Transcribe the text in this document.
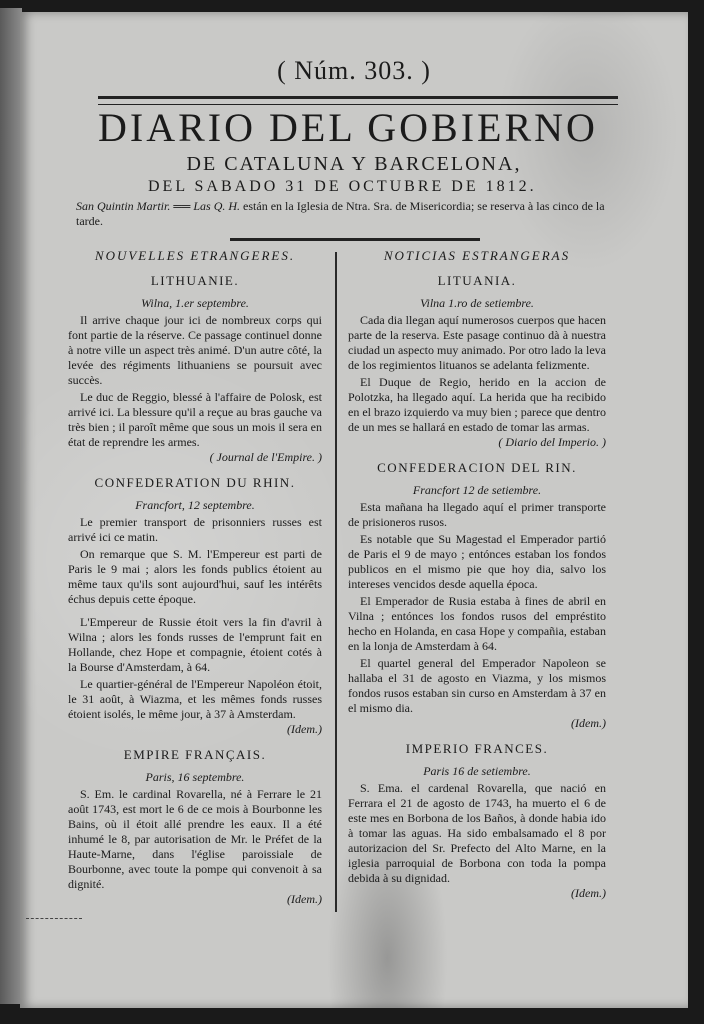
( Núm. 303. )
DIARIO DEL GOBIERNO
DE CATALUNA Y BARCELONA,
DEL SABADO 31 DE OCTUBRE DE 1812.
San Quintin Martir. ══ Las Q. H. están en la Iglesia de Ntra. Sra. de Misericordia; se reserva à las cinco de la tarde.
NOUVELLES ETRANGERES.
LITHUANIE.
Wilna, 1.er septembre.

Il arrive chaque jour ici de nombreux corps qui font partie de la réserve. Ce passage continuel donne à notre ville un aspect très animé. D'un autre côté, la levée des régiments lithuaniens se poursuit avec succès.

Le duc de Reggio, blessé à l'affaire de Polosk, est arrivé ici. La blessure qu'il a reçue au bras gauche va très bien ; il paroît même que sous un mois il sera en état de reprendre les armes.

( Journal de l'Empire. )

CONFEDERATION DU RHIN.
Francfort, 12 septembre.

Le premier transport de prisonniers russes est arrivé ici ce matin.

On remarque que S. M. l'Empereur est parti de Paris le 9 mai ; alors les fonds publics étoient au même taux qu'ils sont aujourd'hui, sauf les intérêts échus depuis cette époque.

L'Empereur de Russie étoit vers la fin d'avril à Wilna ; alors les fonds russes de l'emprunt fait en Hollande, chez Hope et compagnie, étoient cotés à la Bourse d'Amsterdam, à 64.

Le quartier-général de l'Empereur Napoléon étoit, le 31 août, à Wiazma, et les mêmes fonds russes étoient isolés, le même jour, à 37 à Amsterdam.

(Idem.)

EMPIRE FRANÇAIS.
Paris, 16 septembre.

S. Em. le cardinal Rovarella, né à Ferrare le 21 août 1743, est mort le 6 de ce mois à Bourbonne les Bains, où il étoit allé prendre les eaux. Il a été inhumé le 8, par autorisation de Mr. le Préfet de la Haute-Marne, dans l'église paroissiale de Bourbonne, avec toute la pompe qui convenoit à sa dignité.

(Idem.)

NOTICIAS ESTRANGERAS
LITUANIA.
Vilna 1.ro de setiembre.

Cada dia llegan aquí numerosos cuerpos que hacen parte de la reserva. Este pasage continuo dà à nuestra ciudad un aspecto muy animado. Por otro lado la leva de los regimientos lituanos se adelanta felizmente.

El Duque de Regio, herido en la accion de Polotzka, ha llegado aquí. La herida que ha recibido en el brazo izquierdo va muy bien ; parece que dentro de un mes se hallará en estado de tomar las armas.

( Diario del Imperio. )

CONFEDERACION DEL RIN.
Francfort 12 de setiembre.

Esta mañana ha llegado aquí el primer transporte de prisioneros rusos.

Es notable que Su Magestad el Emperador partió de Paris el 9 de mayo ; entónces estaban los fondos publicos en el mismo pie que hoy dia, salvo los intereses vencidos desde aquella época.

El Emperador de Rusia estaba à fines de abril en Vilna ; entónces los fondos rusos del empréstito hecho en Holanda, en casa Hope y compañia, estaban en la lonja de Amsterdam à 64.

El quartel general del Emperador Napoleon se hallaba el 31 de agosto en Viazma, y los mismos fondos rusos estaban sin curso en Amsterdam à 37 en el mismo dia.

(Idem.)

IMPERIO FRANCES.
Paris 16 de setiembre.

S. Ema. el cardenal Rovarella, que nació en Ferrara el 21 de agosto de 1743, ha muerto el 6 de este mes en Borbona de los Baños, à donde habia ido à tomar las aguas. Ha sido embalsamado el 8 por autorizacion del Sr. Prefecto del Alto Marne, en la iglesia parroquial de Borbona con toda la pompa debida à su dignidad.

(Idem.)
